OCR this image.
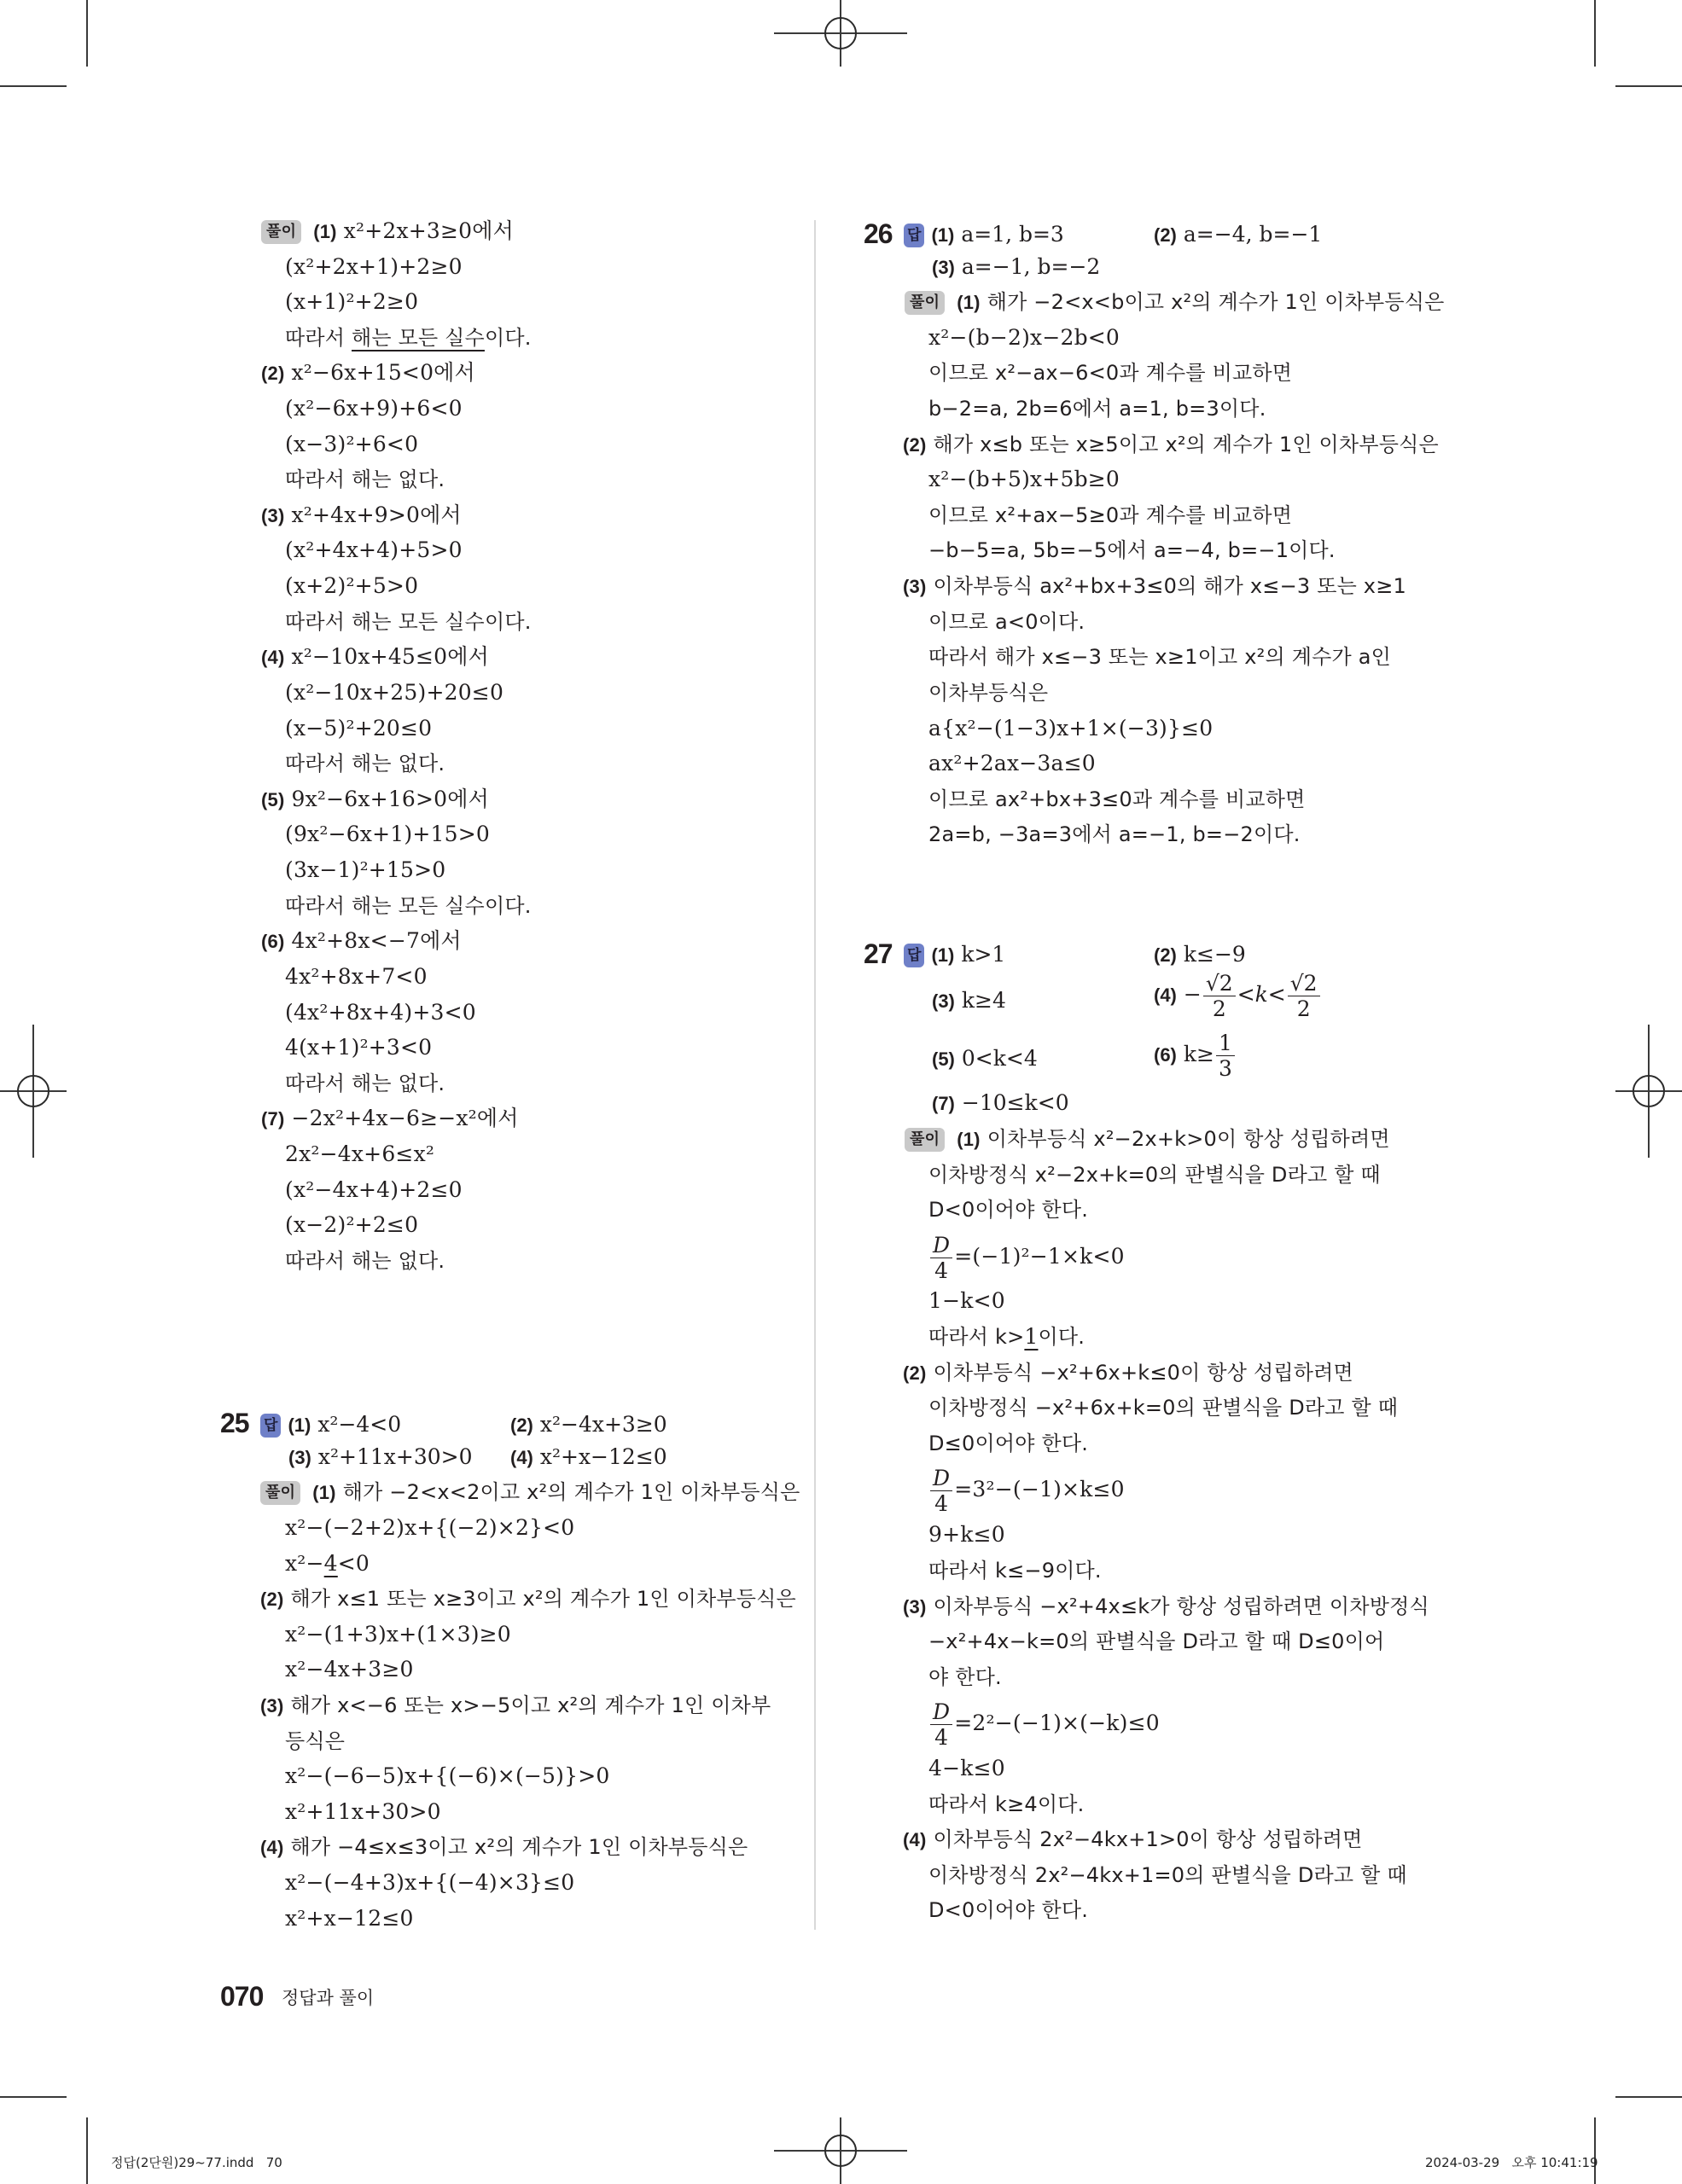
풀이 (1) x²+2x+3≥0에서
(x²+2x+1)+2≥0
(x+1)²+2≥0
따라서 해는 모든 실수이다.
(2) x²−6x+15<0에서
(x²−6x+9)+6<0
(x−3)²+6<0
따라서 해는 없다.
(3) x²+4x+9>0에서
(x²+4x+4)+5>0
(x+2)²+5>0
따라서 해는 모든 실수이다.
(4) x²−10x+45≤0에서
(x²−10x+25)+20≤0
(x−5)²+20≤0
따라서 해는 없다.
(5) 9x²−6x+16>0에서
(9x²−6x+1)+15>0
(3x−1)²+15>0
따라서 해는 모든 실수이다.
(6) 4x²+8x<−7에서
4x²+8x+7<0
(4x²+8x+4)+3<0
4(x+1)²+3<0
따라서 해는 없다.
(7) −2x²+4x−6≥−x²에서
2x²−4x+6≤x²
(x²−4x+4)+2≤0
(x−2)²+2≤0
따라서 해는 없다.
25 답 (1) x²−4<0	(2) x²−4x+3≥0
(3) x²+11x+30>0 (4) x²+x−12≤0
풀이 (1) 해가 −2<x<2이고 x²의 계수가 1인 이차부등식은
x²−(−2+2)x+{(−2)×2}<0
x²−4<0
(2) 해가 x≤1 또는 x≥3이고 x²의 계수가 1인 이차부등식은
x²−(1+3)x+(1×3)≥0
x²−4x+3≥0
(3) 해가 x<−6 또는 x>−5이고 x²의 계수가 1인 이차부
등식은
x²−(−6−5)x+{(−6)×(−5)}>0
x²+11x+30>0
(4) 해가 −4≤x≤3이고 x²의 계수가 1인 이차부등식은
x²−(−4+3)x+{(−4)×3}≤0
x²+x−12≤0
26 답 (1) a=1, b=3	(2) a=−4, b=−1
(3) a=−1, b=−2
풀이 (1) 해가 −2<x<b이고 x²의 계수가 1인 이차부등식은
x²−(b−2)x−2b<0
이므로 x²−ax−6<0과 계수를 비교하면
b−2=a, 2b=6에서 a=1, b=3이다.
(2) 해가 x≤b 또는 x≥5이고 x²의 계수가 1인 이차부등식은
x²−(b+5)x+5b≥0
이므로 x²+ax−5≥0과 계수를 비교하면
−b−5=a, 5b=−5에서 a=−4, b=−1이다.
(3) 이차부등식 ax²+bx+3≤0의 해가 x≤−3 또는 x≥1
이므로 a<0이다.
따라서 해가 x≤−3 또는 x≥1이고 x²의 계수가 a인
이차부등식은
a{x²−(1−3)x+1×(−3)}≤0
ax²+2ax−3a≤0
이므로 ax²+bx+3≤0과 계수를 비교하면
2a=b, −3a=3에서 a=−1, b=−2이다.
27 답 (1) k>1	(2) k≤−9
(3) k≥4	$(4) - \frac{√2}{2} <k< \frac{√2}{2}$
(5) 0<k<4	(6) $k\ge \frac{1}{3}$
(7) −10≤k<0
풀이 (1) 이차부등식 x²−2x+k>0이 항상 성립하려면
이차방정식 x²−2x+k=0의 판별식을 D라고 할 때
D<0이어야 한다.
$\frac{D}{4} =(-1)^2-1\times k<0$
1−k<0
따라서 k>1이다.
(2) 이차부등식 −x²+6x+k≤0이 항상 성립하려면
이차방정식 −x²+6x+k=0의 판별식을 D라고 할 때
D≤0이어야 한다.
$\frac{D}{4} =3^2-(-1)\times k\le 0$
9+k≤0
따라서 k≤−9이다.
(3) 이차부등식 −x²+4x≤k가 항상 성립하려면 이차방정식
−x²+4x−k=0의 판별식을 D라고 할 때 D≤0이어
야 한다.
$\frac{D}{4} =2^2-(-1)\times(-k)\le 0$
4−k≤0
따라서 k≥4이다.
(4) 이차부등식 2x²−4kx+1>0이 항상 성립하려면
이차방정식 2x²−4kx+1=0의 판별식을 D라고 할 때
D<0이어야 한다.
070 정답과 풀이
정답(2단원)29~77.indd   70	2024-03-29   오후 10:41:19
